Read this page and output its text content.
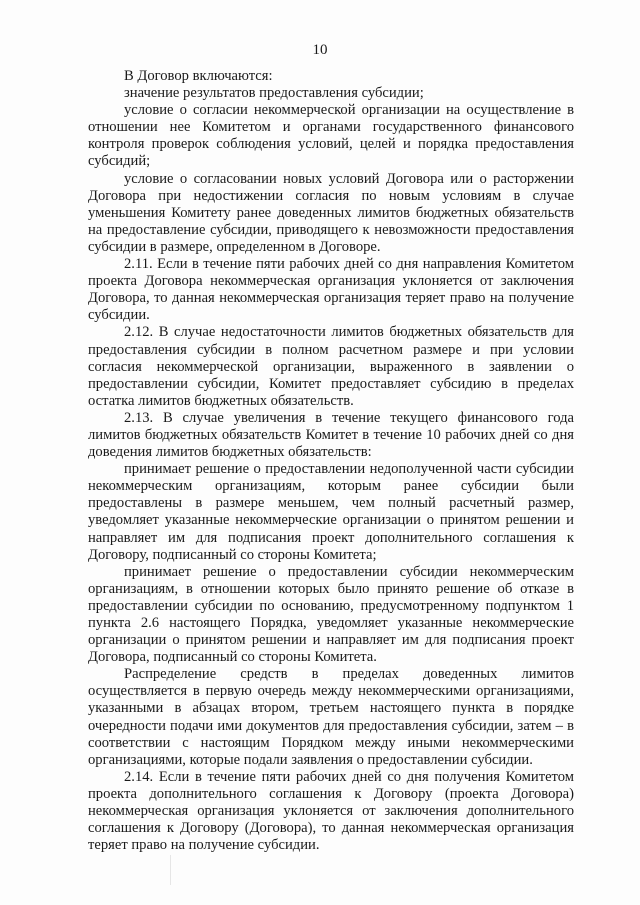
10

В Договор включаются:

значение результатов предоставления субсидии;

условие о согласии некоммерческой организации на осуществление в отношении нее Комитетом и органами государственного финансового контроля проверок соблюдения условий, целей и порядка предоставления субсидий;

условие о согласовании новых условий Договора или о расторжении Договора при недостижении согласия по новым условиям в случае уменьшения Комитету ранее доведенных лимитов бюджетных обязательств на предоставление субсидии, приводящего к невозможности предоставления субсидии в размере, определенном в Договоре.

2.11. Если в течение пяти рабочих дней со дня направления Комитетом проекта Договора некоммерческая организация уклоняется от заключения Договора, то данная некоммерческая организация теряет право на получение субсидии.

2.12. В случае недостаточности лимитов бюджетных обязательств для предоставления субсидии в полном расчетном размере и при условии согласия некоммерческой организации, выраженного в заявлении о предоставлении субсидии, Комитет предоставляет субсидию в пределах остатка лимитов бюджетных обязательств.

2.13. В случае увеличения в течение текущего финансового года лимитов бюджетных обязательств Комитет в течение 10 рабочих дней со дня доведения лимитов бюджетных обязательств:

принимает решение о предоставлении недополученной части субсидии некоммерческим организациям, которым ранее субсидии были предоставлены в размере меньшем, чем полный расчетный размер, уведомляет указанные некоммерческие организации о принятом решении и направляет им для подписания проект дополнительного соглашения к Договору, подписанный со стороны Комитета;

принимает решение о предоставлении субсидии некоммерческим организациям, в отношении которых было принято решение об отказе в предоставлении субсидии по основанию, предусмотренному подпунктом 1 пункта 2.6 настоящего Порядка, уведомляет указанные некоммерческие организации о принятом решении и направляет им для подписания проект Договора, подписанный со стороны Комитета.

Распределение средств в пределах доведенных лимитов осуществляется в первую очередь между некоммерческими организациями, указанными в абзацах втором, третьем настоящего пункта в порядке очередности подачи ими документов для предоставления субсидии, затем – в соответствии с настоящим Порядком между иными некоммерческими организациями, которые подали заявления о предоставлении субсидии.

2.14. Если в течение пяти рабочих дней со дня получения Комитетом проекта дополнительного соглашения к Договору (проекта Договора) некоммерческая организация уклоняется от заключения дополнительного соглашения к Договору (Договора), то данная некоммерческая организация теряет право на получение субсидии.
